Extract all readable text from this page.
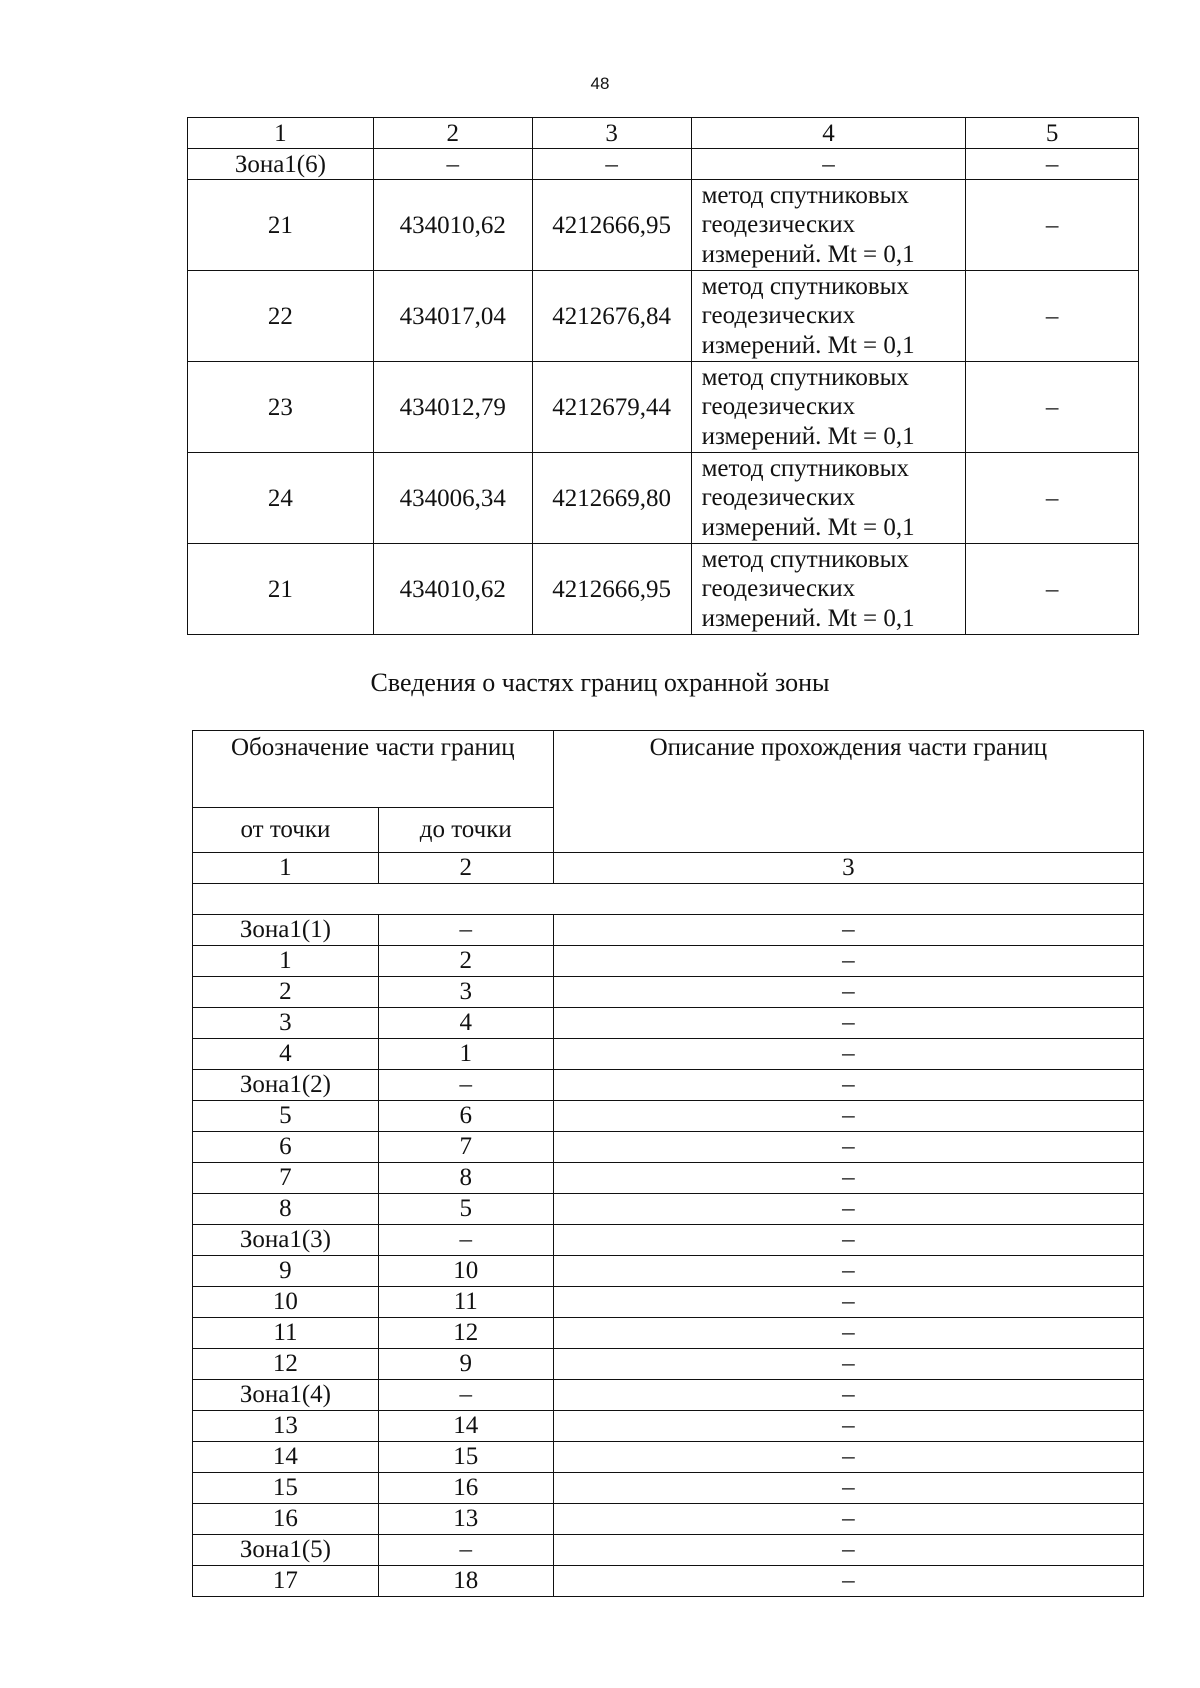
48
1	2	3	4	5
Зона1(6)	–	–	–	–
21	434010,62	4212666,95	метод спутниковых
геодезических
измерений. Mt = 0,1	–
22	434017,04	4212676,84	метод спутниковых
геодезических
измерений. Mt = 0,1	–
23	434012,79	4212679,44	метод спутниковых
геодезических
измерений. Mt = 0,1	–
24	434006,34	4212669,80	метод спутниковых
геодезических
измерений. Mt = 0,1	–
21	434010,62	4212666,95	метод спутниковых
геодезических
измерений. Mt = 0,1	–
Сведения о частях границ охранной зоны
Обозначение части границ		Описание прохождения части границ
от точки	до точки	
1	2	3

Зона1(1)	–	–
1	2	–
2	3	–
3	4	–
4	1	–
Зона1(2)	–	–
5	6	–
6	7	–
7	8	–
8	5	–
Зона1(3)	–	–
9	10	–
10	11	–
11	12	–
12	9	–
Зона1(4)	–	–
13	14	–
14	15	–
15	16	–
16	13	–
Зона1(5)	–	–
17	18	–
